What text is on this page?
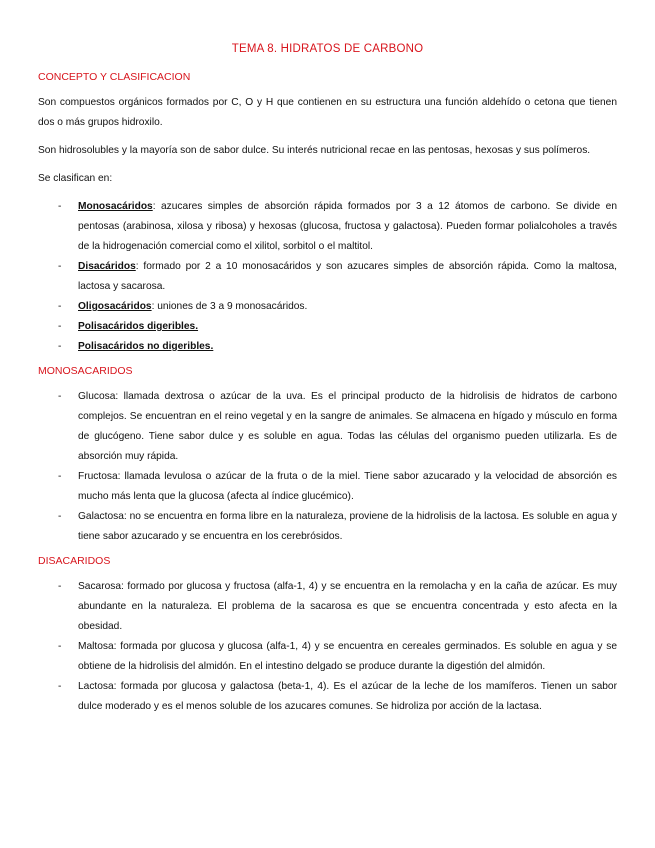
TEMA 8. HIDRATOS DE CARBONO
CONCEPTO Y CLASIFICACION

Son compuestos orgánicos formados por C, O y H que contienen en su estructura una función aldehído o cetona que tienen dos o más grupos hidroxilo.

Son hidrosolubles y la mayoría son de sabor dulce. Su interés nutricional recae en las pentosas, hexosas y sus polímeros.

Se clasifican en:

- Monosacáridos: azucares simples de absorción rápida formados por 3 a 12 átomos de carbono. Se divide en pentosas (arabinosa, xilosa y ribosa) y hexosas (glucosa, fructosa y galactosa). Pueden formar polialcoholes a través de la hidrogenación comercial como el xilitol, sorbitol o el maltitol.
- Disacáridos: formado por 2 a 10 monosacáridos y son azucares simples de absorción rápida. Como la maltosa, lactosa y sacarosa.
- Oligosacáridos: uniones de 3 a 9 monosacáridos.
- Polisacáridos digeribles.
- Polisacáridos no digeribles.
MONOSACARIDOS
- Glucosa: llamada dextrosa o azúcar de la uva. Es el principal producto de la hidrolisis de hidratos de carbono complejos. Se encuentran en el reino vegetal y en la sangre de animales. Se almacena en hígado y músculo en forma de glucógeno. Tiene sabor dulce y es soluble en agua. Todas las células del organismo pueden utilizarla. Es de absorción muy rápida.
- Fructosa: llamada levulosa o azúcar de la fruta o de la miel. Tiene sabor azucarado y la velocidad de absorción es mucho más lenta que la glucosa (afecta al índice glucémico).
- Galactosa: no se encuentra en forma libre en la naturaleza, proviene de la hidrolisis de la lactosa. Es soluble en agua y tiene sabor azucarado y se encuentra en los cerebrósidos.
DISACARIDOS
- Sacarosa: formado por glucosa y fructosa (alfa-1, 4) y se encuentra en la remolacha y en la caña de azúcar. Es muy abundante en la naturaleza. El problema de la sacarosa es que se encuentra concentrada y esto afecta en la obesidad.
- Maltosa: formada por glucosa y glucosa (alfa-1, 4) y se encuentra en cereales germinados. Es soluble en agua y se obtiene de la hidrolisis del almidón. En el intestino delgado se produce durante la digestión del almidón.
- Lactosa: formada por glucosa y galactosa (beta-1, 4). Es el azúcar de la leche de los mamíferos. Tienen un sabor dulce moderado y es el menos soluble de los azucares comunes. Se hidroliza por acción de la lactasa.
